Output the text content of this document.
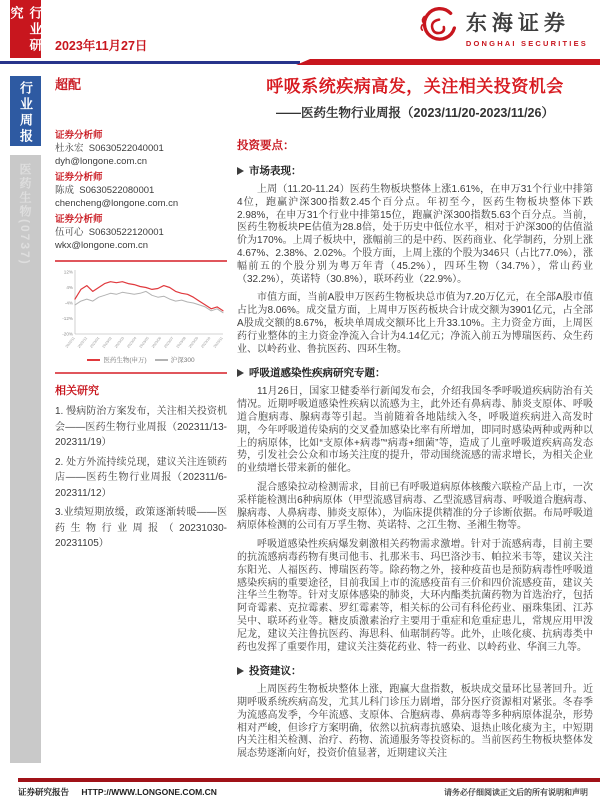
行业研究
行业周报
医药生物(0737)
2023年11月27日
东海证券
DONGHAI SECURITIES
超配
证券分析师
杜永宏 S0630522040001
dyh@longone.com.cn
证券分析师
陈成 S0630522080001
chencheng@longone.com.cn
证券分析师
伍可心 S0630522120001
wkx@longone.com.cn
12%
4%
-4%
-12%
-20%
2022/11 2022/12 2023/01 2023/02 2023/03 2023/04 2023/05 2023/06 2023/07 2023/08 2023/09 2023/10 2023/11
医药生物(申万)	沪深300
相关研究
1. 慢病防治方案发布，关注相关投资机会——医药生物行业周报（202311/13-202311/19）
2. 处方外流持续兑现，建议关注连锁药店——医药生物行业周报（202311/6-202311/12）
3.业绩短期放缓，政策逐渐转暖——医药生物行业周报（20231030-20231105）
呼吸系统疾病高发，关注相关投资机会
——医药生物行业周报（2023/11/20-2023/11/26）
投资要点：
市场表现：

上周（11.20-11.24）医药生物板块整体上涨1.61%，在申万31个行业中排第4位，跑赢沪深300指数2.45个百分点。年初至今，医药生物板块整体下跌2.98%，在申万31个行业中排第15位，跑赢沪深300指数5.63个百分点。当前，医药生物板块PE估值为28.8倍，处于历史中低位水平，相对于沪深300的估值溢价为170%。上周子板块中，涨幅前三的是中药、医药商业、化学制药，分别上涨4.67%、2.38%、2.02%。个股方面，上周上涨的个股为346只（占比77.0%），涨幅前五的个股分别为粤万年青（45.2%），四环生物（34.7%），常山药业（32.2%），英诺特（30.8%），联环药业（22.9%）。

市值方面，当前A股申万医药生物板块总市值为7.20万亿元，在全部A股市值占比为8.06%。成交量方面，上周申万医药板块合计成交额为3901亿元，占全部A股成交额的8.67%，板块单周成交额环比上升33.10%。主力资金方面，上周医药行业整体的主力资金净流入合计为4.14亿元；净流入前五为博瑞医药、众生药业、以岭药业、鲁抗医药、四环生物。

呼吸道感染性疾病研究专题：

11月26日，国家卫健委举行新闻发布会，介绍我国冬季呼吸道疾病防治有关情况。近期呼吸道感染性疾病以流感为主，此外还有鼻病毒、肺炎支原体、呼吸道合胞病毒、腺病毒等引起。当前随着各地陆续入冬，呼吸道疾病进入高发时期，今年呼吸道传染病的交叉叠加感染比率有所增加，即同时感染两种或两种以上的病原体，比如“支原体+病毒”“病毒+细菌”等，造成了儿童呼吸道疾病高发态势，引发社会公众和市场关注度的提升，带动围绕流感的需求增长，为相关企业的业绩增长带来新的催化。

混合感染拉动检测需求，目前已有呼吸道病原体核酸六联检产品上市，一次采样能检测出6种病原体（甲型流感冒病毒、乙型流感冒病毒、呼吸道合胞病毒、腺病毒、人鼻病毒、肺炎支原体），为临床提供精准的分子诊断依据。布局呼吸道病原体检测的公司有万孚生物、英诺特、之江生物、圣湘生物等。

呼吸道感染性疾病爆发刺激相关药物需求激增。针对于流感病毒，目前主要的抗流感病毒药物有奥司他韦、扎那米韦、玛巴洛沙韦、帕拉米韦等，建议关注东阳光、人福医药、博瑞医药等。除药物之外，接种疫苗也是预防病毒性呼吸道感染疾病的重要途径，目前我国上市的流感疫苗有三价和四价流感疫苗，建议关注华兰生物等。针对支原体感染的肺炎，大环内酯类抗菌药物为首选治疗，包括阿奇霉素、克拉霉素、罗红霉素等，相关标的公司有科伦药业、丽珠集团、江苏吴中、联环药业等。糖皮质激素治疗主要用于重症和危重症患儿，常规应用甲泼尼龙，建议关注鲁抗医药、海思科、仙琚制药等。此外，止咳化痰、抗病毒类中药也发挥了重要作用，建议关注葵花药业、特一药业、以岭药业、华润三九等。

投资建议：

上周医药生物板块整体上涨，跑赢大盘指数，板块成交量环比显著回升。近期呼吸系统疾病高发，尤其儿科门诊压力剧增，部分医疗资源相对紧张。冬春季为流感高发季，今年流感、支原体、合胞病毒、鼻病毒等多种病原体混杂，形势相对严峻，但诊疗方案明确，依然以抗病毒抗感染、退热止咳化痰为主，中短期内关注相关检测、治疗、药物、流通服务等投资标的。当前医药生物板块整体发展态势逐渐向好，投资价值显著，近期建议关注

证券研究报告 HTTP://WWW.LONGONE.COM.CN	请务必仔细阅读正文后的所有说明和声明
